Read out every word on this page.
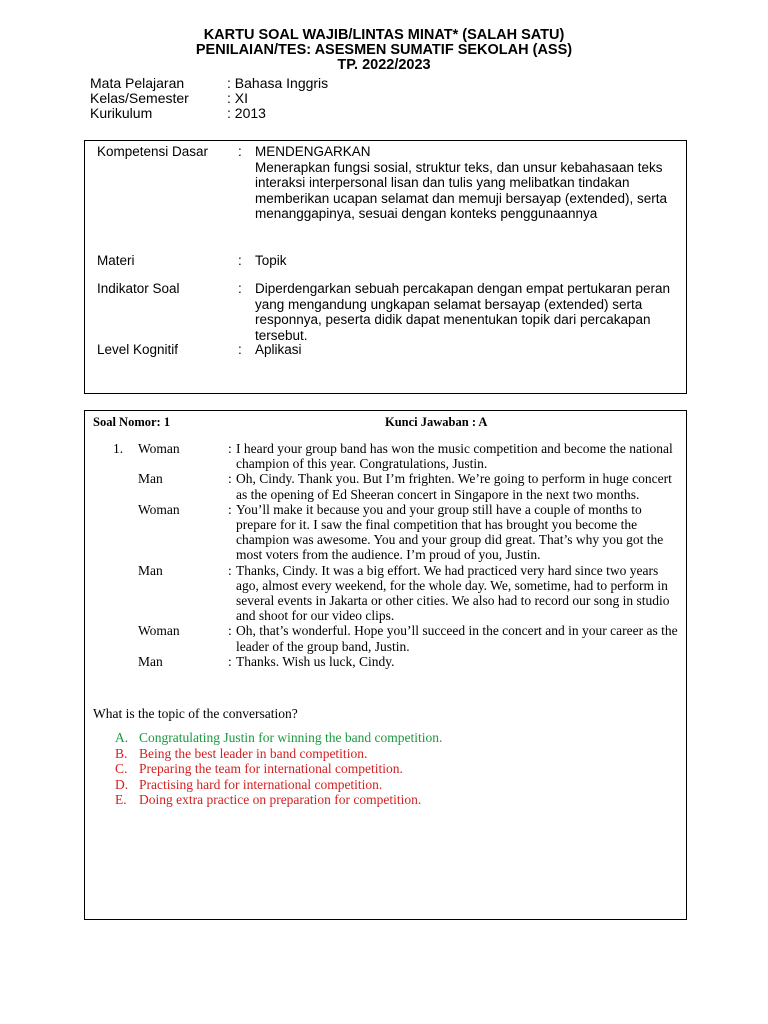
KARTU SOAL WAJIB/LINTAS MINAT* (SALAH SATU)
PENILAIAN/TES: ASESMEN SUMATIF SEKOLAH (ASS)
TP. 2022/2023
Mata Pelajaran	: Bahasa Inggris
Kelas/Semester	: XI
Kurikulum	: 2013
Kompetensi Dasar	: MENDENGARKAN
Menerapkan fungsi sosial, struktur teks, dan unsur kebahasaan teks interaksi interpersonal lisan dan tulis yang melibatkan tindakan memberikan ucapan selamat dan memuji bersayap (extended), serta menanggapinya, sesuai dengan konteks penggunaannya
Materi	: Topik
Indikator Soal	: Diperdengarkan sebuah percakapan dengan empat pertukaran peran yang mengandung ungkapan selamat bersayap (extended) serta responnya, peserta didik dapat menentukan topik dari percakapan tersebut.
Level Kognitif	: Aplikasi
Soal Nomor: 1	Kunci Jawaban : A
1.	Woman	: I heard your group band has won the music competition and become the national champion of this year. Congratulations, Justin.
Man	: Oh, Cindy. Thank you. But I’m frighten. We’re going to perform in huge concert as the opening of Ed Sheeran concert in Singapore in the next two months.
Woman	: You’ll make it because you and your group still have a couple of months to prepare for it. I saw the final competition that has brought you become the champion was awesome. You and your group did great. That’s why you got the most voters from the audience. I’m proud of you, Justin.
Man	: Thanks, Cindy. It was a big effort. We had practiced very hard since two years ago, almost every weekend, for the whole day. We, sometime, had to perform in several events in Jakarta or other cities. We also had to record our song in studio and shoot for our video clips.
Woman	: Oh, that’s wonderful. Hope you’ll succeed in the concert and in your career as the leader of the group band, Justin.
Man	: Thanks. Wish us luck, Cindy.
What is the topic of the conversation?
A. Congratulating Justin for winning the band competition.
B. Being the best leader in band competition.
C. Preparing the team for international competition.
D. Practising hard for international competition.
E. Doing extra practice on preparation for competition.
